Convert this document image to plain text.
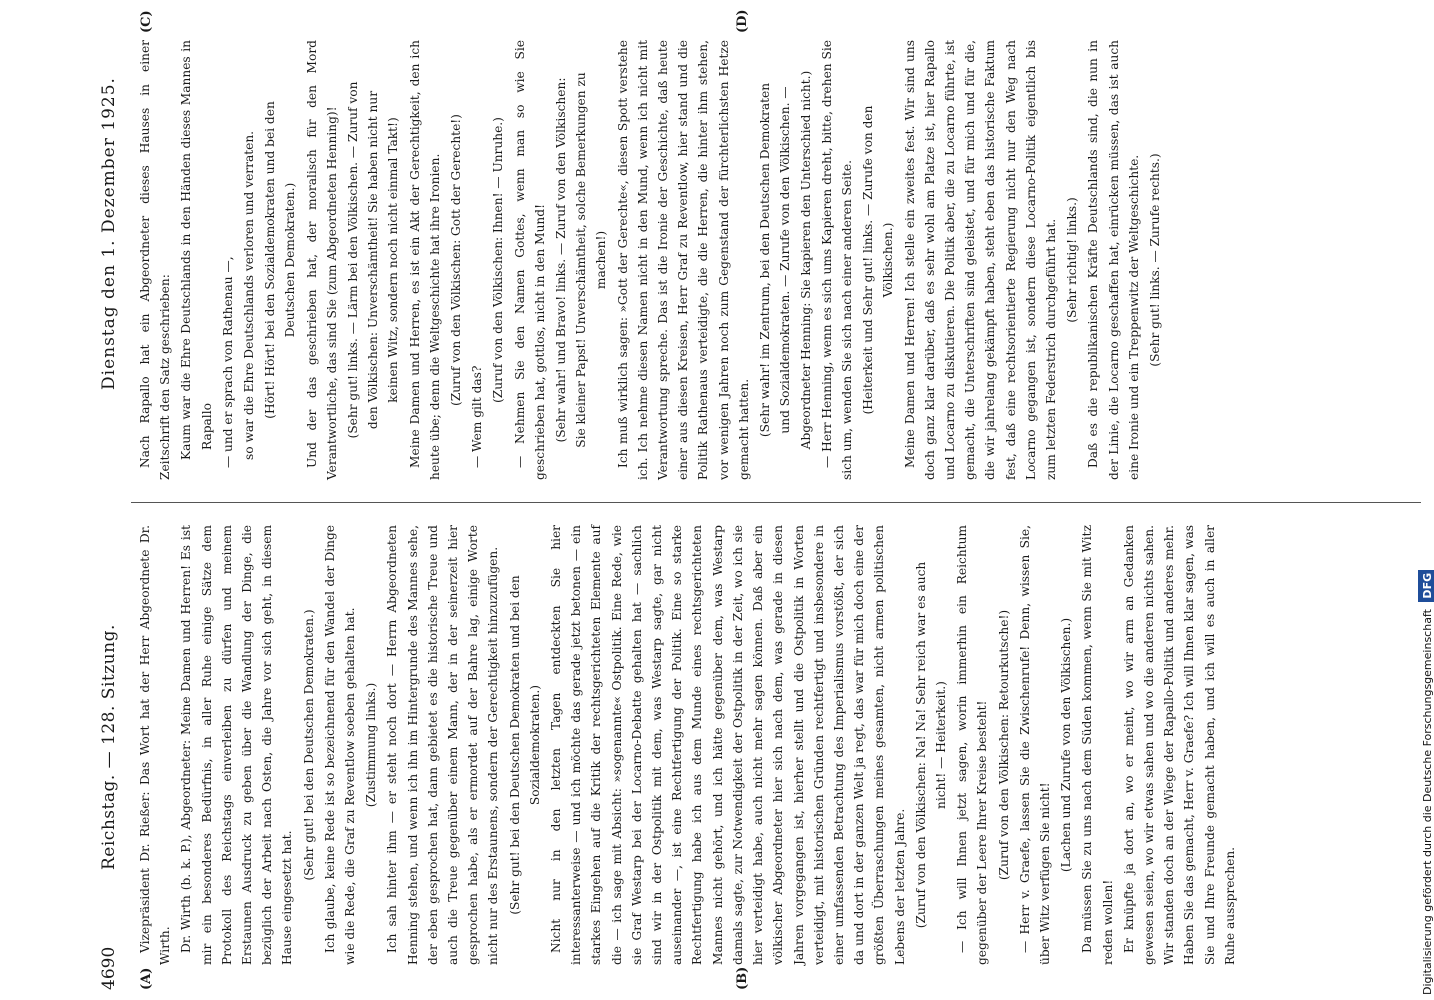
4690
Reichstag. — 128. Sitzung.
Dienstag den 1. Dezember 1925.
(A)	(B)
(C)	(D)

Vizepräsident Dr. Rießer: Das Wort hat der Herr Abgeordnete Dr. Wirth. Dr. Wirth (b. k. P.), Abgeordneter: Meine Damen und Herren! Es ist mir ein besonderes Bedürfnis, in aller Ruhe einige Sätze dem Protokoll des Reichstags einverleiben zu dürfen und meinem Erstaunen Ausdruck zu geben über die Wandlung der Dinge, die bezüglich der Arbeit nach Osten, die Jahre vor sich geht, in diesem Hause eingesetzt hat.

(Sehr gut! bei den Deutschen Demokraten.) Ich glaube, keine Rede ist so bezeichnend für den Wandel der Dinge wie die Rede, die Graf zu Reventlow soeben gehalten hat. (Zustimmung links.) Ich sah hinter ihm — er steht noch dort — Herrn Abgeordneten Henning stehen, und wenn ich ihn im Hintergrunde des Mannes sehe, der eben gesprochen hat, dann gebietet es die historische Treue und auch die Treue gegenüber einem Mann, der in der seinerzeit hier gesprochen habe, als er ermordet auf der Bahre lag, einige Worte nicht nur des Erstaunens, sondern der Gerechtigkeit hinzuzufügen. (Sehr gut! bei den Deutschen Demokraten und bei den Sozialdemokraten.) Nicht nur in den letzten Tagen entdeckten Sie hier interessanterweise — und ich möchte das gerade jetzt betonen — ein starkes Eingehen auf die Kritik der rechtsgerichteten Elemente auf die — ich sage mit Absicht: »sogenannte« Ostpolitik. Eine Rede, wie sie Graf Westarp bei der Locarno-Debatte gehalten hat — sachlich sind wir in der Ostpolitik mit dem, was Westarp sagte, gar nicht auseinander —, ist eine Rechtfertigung der Politik. Eine so starke Rechtfertigung habe ich aus dem Munde eines rechtsgerichteten Mannes nicht gehört, und ich hätte gegenüber dem, was Westarp damals sagte, zur Notwendigkeit der Ostpolitik in der Zeit, wo ich sie hier verteidigt habe, auch nicht mehr sagen können. Daß aber ein völkischer Abgeordneter hier sich nach dem, was gerade in diesen Jahren vorgegangen ist, hierher stellt und die Ostpolitik in Worten verteidigt, mit historischen Gründen rechtfertigt und insbesondere in einer umfassenden Betrachtung des Imperialismus vorstößt, der sich da und dort in der ganzen Welt ja regt, das war für mich doch eine der größten Überraschungen meines gesamten, nicht armen politischen Lebens der letzten Jahre. (Zuruf von den Völkischen: Na! Na! Sehr reich war es auch nicht! — Heiterkeit.) — Ich will Ihnen jetzt sagen, worin immerhin ein Reichtum gegenüber der Leere Ihrer Kreise besteht! (Zuruf von den Völkischen: Retourkutsche!) — Herr v. Graefe, lassen Sie die Zwischenrufe! Denn, wissen Sie, über Witz verfügen Sie nicht!

(Lachen und Zurufe von den Völkischen.) Da müssen Sie zu uns nach dem Süden kommen, wenn Sie mit Witz reden wollen! Er knüpfte ja dort an, wo er meint, wo wir arm an Gedanken gewesen seien, wo wir etwas sahen und wo die anderen nichts sahen. Wir standen doch an der Wiege der Rapallo-Politik und anderes mehr. Haben Sie das gemacht, Herr v. Graefe? Ich will Ihnen klar sagen, was Sie und Ihre Freunde gemacht haben, und ich will es auch in aller Ruhe aussprechen.

Nach Rapallo hat ein Abgeordneter dieses Hauses in einer Zeitschrift den Satz geschrieben: Kaum war die Ehre Deutschlands in den Händen dieses Mannes in Rapallo — und er sprach von Rathenau —, so war die Ehre Deutschlands verloren und verraten. (Hört! Hört! bei den Sozialdemokraten und bei den Deutschen Demokraten.) Und der das geschrieben hat, der moralisch für den Mord Verantwortliche, das sind Sie (zum Abgeordneten Henning)! (Sehr gut! links. — Lärm bei den Völkischen. — Zuruf von den Völkischen: Unverschämtheit! Sie haben nicht nur keinen Witz, sondern noch nicht einmal Takt!) Meine Damen und Herren, es ist ein Akt der Gerechtigkeit, den ich heute übe; denn die Weltgeschichte hat ihre Ironien. (Zuruf von den Völkischen: Gott der Gerechte!)

— Wem gilt das?

(Zuruf von den Völkischen: Ihnen! — Unruhe.) — Nehmen Sie den Namen Gottes, wenn man so wie Sie geschrieben hat, gottlos, nicht in den Mund! (Sehr wahr! und Bravo! links. — Zuruf von den Völkischen: Sie kleiner Papst! Unverschämtheit, solche Bemerkungen zu machen!) Ich muß wirklich sagen: »Gott der Gerechte«, diesen Spott verstehe ich. Ich nehme diesen Namen nicht in den Mund, wenn ich nicht mit Verantwortung spreche. Das ist die Ironie der Geschichte, daß heute einer aus diesen Kreisen, Herr Graf zu Reventlow, hier stand und die Politik Rathenaus verteidigte, die die Herren, die hinter ihm stehen, vor wenigen Jahren noch zum Gegenstand der fürchterlichsten Hetze gemacht hatten. (Sehr wahr! im Zentrum, bei den Deutschen Demokraten und Sozialdemokraten. — Zurufe von den Völkischen. — Abgeordneter Henning: Sie kapieren den Unterschied nicht.) — Herr Henning, wenn es sich ums Kapieren dreht, bitte, drehen Sie sich um, wenden Sie sich nach einer anderen Seite. (Heiterkeit und Sehr gut! links. — Zurufe von den Völkischen.) Meine Damen und Herren! Ich stelle ein zweites fest. Wir sind uns doch ganz klar darüber, daß es sehr wohl am Platze ist, hier Rapallo und Locarno zu diskutieren. Die Politik aber, die zu Locarno führte, ist gemacht, die Unterschriften sind geleistet, und für mich und für die, die wir jahrelang gekämpft haben, steht eben das historische Faktum fest, daß eine rechtsorientierte Regierung nicht nur den Weg nach Locarno gegangen ist, sondern diese Locarno-Politik eigentlich bis zum letzten Federstrich durchgeführt hat. (Sehr richtig! links.) Daß es die republikanischen Kräfte Deutschlands sind, die nun in der Linie, die Locarno geschaffen hat, einrücken müssen, das ist auch eine Ironie und ein Treppenwitz der Weltgeschichte. (Sehr gut! links. — Zurufe rechts.)

Digitalisierung gefördert durch die Deutsche Forschungsgemeinschaft DFG
